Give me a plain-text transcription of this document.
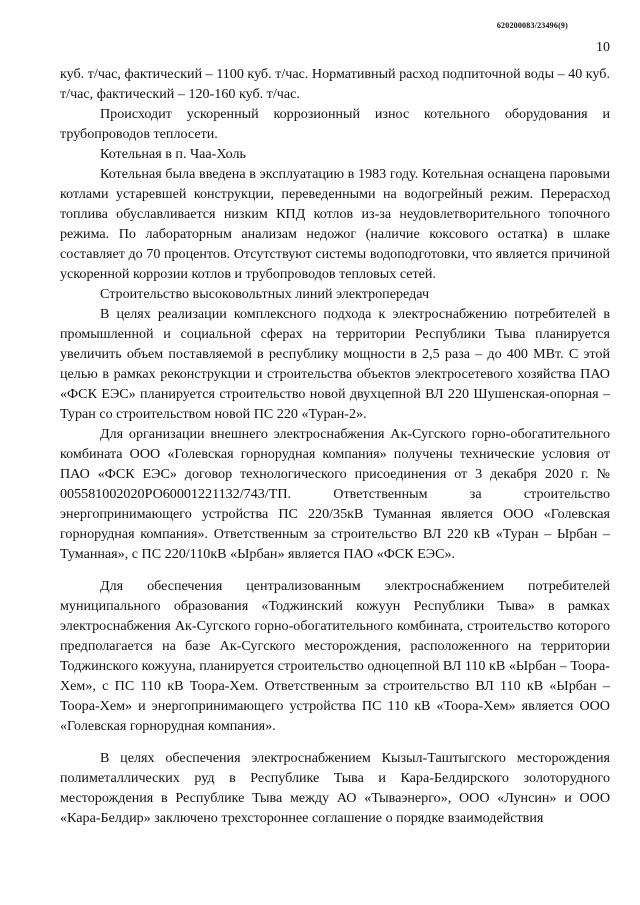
620200083/23496(9)
10

куб. т/час, фактический – 1100 куб. т/час. Нормативный расход подпиточной воды – 40 куб. т/час, фактический – 120-160 куб. т/час.

Происходит ускоренный коррозионный износ котельного оборудования и трубопроводов теплосети.

Котельная в п. Чаа-Холь

Котельная была введена в эксплуатацию в 1983 году. Котельная оснащена паровыми котлами устаревшей конструкции, переведенными на водогрейный режим. Перерасход топлива обуславливается низким КПД котлов из-за неудовлетворительного топочного режима. По лабораторным анализам недожог (наличие коксового остатка) в шлаке составляет до 70 процентов. Отсутствуют системы водоподготовки, что является причиной ускоренной коррозии котлов и трубопроводов тепловых сетей.

Строительство высоковольтных линий электропередач

В целях реализации комплексного подхода к электроснабжению потребителей в промышленной и социальной сферах на территории Республики Тыва планируется увеличить объем поставляемой в республику мощности в 2,5 раза – до 400 МВт. С этой целью в рамках реконструкции и строительства объектов электросетевого хозяйства ПАО «ФСК ЕЭС» планируется строительство новой двухцепной ВЛ 220 Шушенская-опорная – Туран со строительством новой ПС 220 «Туран-2».

Для организации внешнего электроснабжения Ак-Сугского горно-обогатительного комбината ООО «Голевская горнорудная компания» получены технические условия от ПАО «ФСК ЕЭС» договор технологического присоединения от 3 декабря 2020 г. № 005581002020РО60001221132/743/ТП. Ответственным за строительство энергопринимающего устройства ПС 220/35кВ Туманная является ООО «Голевская горнорудная компания». Ответственным за строительство ВЛ 220 кВ «Туран – Ырбан – Туманная», с ПС 220/110кВ «Ырбан» является ПАО «ФСК ЕЭС».

Для обеспечения централизованным электроснабжением потребителей муниципального образования «Тоджинский кожуун Республики Тыва» в рамках электроснабжения Ак-Сугского горно-обогатительного комбината, строительство которого предполагается на базе Ак-Сугского месторождения, расположенного на территории Тоджинского кожууна, планируется строительство одноцепной ВЛ 110 кВ «Ырбан – Тоора-Хем», с ПС 110 кВ Тоора-Хем. Ответственным за строительство ВЛ 110 кВ «Ырбан – Тоора-Хем» и энергопринимающего устройства ПС 110 кВ «Тоора-Хем» является ООО «Голевская горнорудная компания».

В целях обеспечения электроснабжением Кызыл-Таштыгского месторождения полиметаллических руд в Республике Тыва и Кара-Белдирского золоторудного месторождения в Республике Тыва между АО «Тываэнерго», ООО «Лунсин» и ООО «Кара-Белдир» заключено трехстороннее соглашение о порядке взаимодействия
